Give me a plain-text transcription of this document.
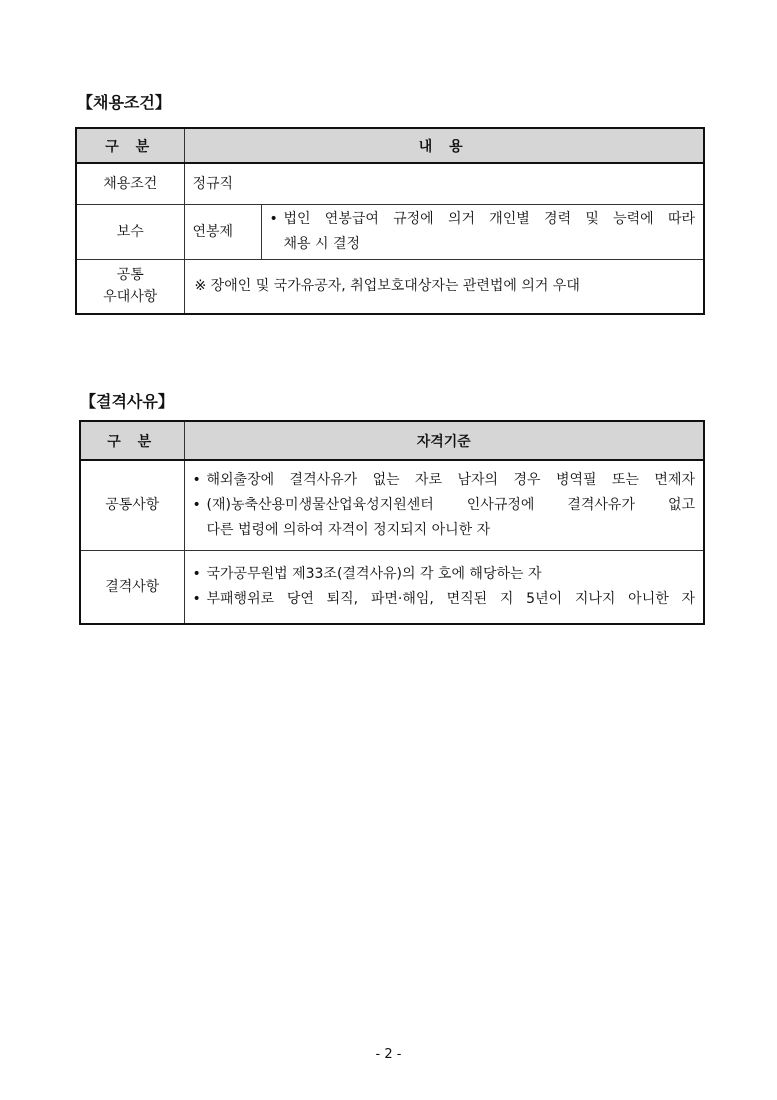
【채용조건】
구 분	내 용	
채용조건	정규직	
보수	연봉제	• 법인 연봉급여 규정에 의거 개인별 경력 및 능력에 따라
채용 시 결정

공통
우대사항	※ 장애인 및 국가유공자, 취업보호대상자는 관련법에 의거 우대	
【결격사유】
구 분	자격기준
공통사항	• 해외출장에 결격사유가 없는 자로 남자의 경우 병역필 또는 면제자
• (재)농축산용미생물산업육성지원센터 인사규정에 결격사유가 없고
다른 법령에 의하여 자격이 정지되지 아니한 자

결격사항	• 국가공무원법 제33조(결격사유)의 각 호에 해당하는 자
• 부패행위로 당연 퇴직, 파면·해임, 면직된 지 5년이 지나지 아니한 자
- 2 -
